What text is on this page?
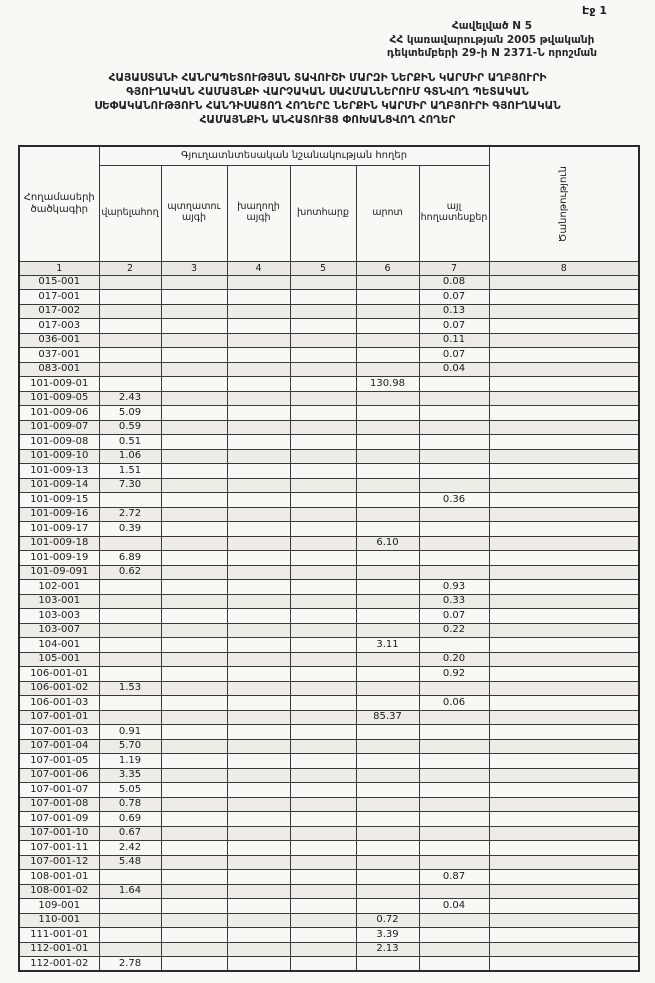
Էջ 1
Հավելված N 5
ՀՀ կառավարության 2005 թվականի
դեկտեմբերի 29-ի N 2371-Ն որոշման
ՀԱՅԱՍՏԱՆԻ ՀԱՆՐԱՊԵՏՈՒԹՅԱՆ ՏԱՎՈՒՇԻ ՄԱՐԶԻ ՆԵՐՔԻՆ ԿԱՐՄԻՐ ԱՂԲՅՈՒՐԻ
ԳՅՈՒՂԱԿԱՆ ՀԱՄԱՅՆՔԻ ՎԱՐՉԱԿԱՆ ՍԱՀՄԱՆՆԵՐՈՒՄ ԳՏՆՎՈՂ ՊԵՏԱԿԱՆ
ՍԵՓԱԿԱՆՈՒԹՅՈՒՆ ՀԱՆԴԻՍԱՑՈՂ ՀՈՂԵՐԸ ՆԵՐՔԻՆ ԿԱՐՄԻՐ ԱՂԲՅՈՒՐԻ ԳՅՈՒՂԱԿԱՆ
ՀԱՄԱՅՆՔԻՆ ԱՆՀԱՏՈՒՅՑ ՓՈԽԱՆՑՎՈՂ ՀՈՂԵՐ
Հողամասերի ծածկագիր	Գյուղատնտեսական նշանակության հողեր						Ծանոթություն

	վարելահող	պտղատու այգի	խաղողի այգի	խոտհարք	արոտ	այլ հողատեսքեր	
1	2	3	4	5	6	7	8
015-001						0.08	
017-001						0.07	
017-002						0.13	
017-003						0.07	
036-001						0.11	
037-001						0.07	
083-001						0.04	
101-009-01					130.98		
101-009-05	2.43						
101-009-06	5.09						
101-009-07	0.59						
101-009-08	0.51						
101-009-10	1.06						
101-009-13	1.51						
101-009-14	7.30						
101-009-15						0.36	
101-009-16	2.72						
101-009-17	0.39						
101-009-18					6.10		
101-009-19	6.89						
101-09-091	0.62						
102-001						0.93	
103-001						0.33	
103-003						0.07	
103-007						0.22	
104-001					3.11		
105-001						0.20	
106-001-01						0.92	
106-001-02	1.53						
106-001-03						0.06	
107-001-01					85.37		
107-001-03	0.91						
107-001-04	5.70						
107-001-05	1.19						
107-001-06	3.35						
107-001-07	5.05						
107-001-08	0.78						
107-001-09	0.69						
107-001-10	0.67						
107-001-11	2.42						
107-001-12	5.48						
108-001-01						0.87	
108-001-02	1.64						
109-001						0.04	
110-001					0.72		
111-001-01					3.39		
112-001-01					2.13		
112-001-02	2.78						
